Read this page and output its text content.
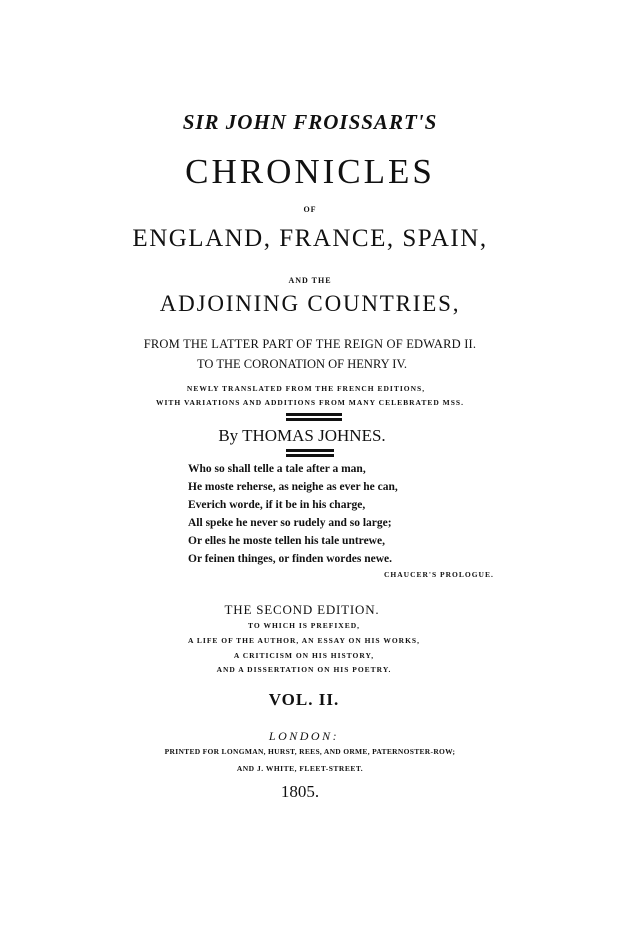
SIR JOHN FROISSART'S
CHRONICLES
OF
ENGLAND, FRANCE, SPAIN,
AND THE
ADJOINING COUNTRIES,
FROM THE LATTER PART OF THE REIGN OF EDWARD II.
TO THE CORONATION OF HENRY IV.
NEWLY TRANSLATED FROM THE FRENCH EDITIONS,
WITH VARIATIONS AND ADDITIONS FROM MANY CELEBRATED MSS.
By THOMAS JOHNES.
Who so shall telle a tale after a man,
He moste reherse, as neighe as ever he can,
Everich worde, if it be in his charge,
All speke he never so rudely and so large;
Or elles he moste tellen his tale untrewe,
Or feinen thinges, or finden wordes newe.
CHAUCER'S PROLOGUE.
THE SECOND EDITION.
TO WHICH IS PREFIXED,
A LIFE OF THE AUTHOR, AN ESSAY ON HIS WORKS,
A CRITICISM ON HIS HISTORY,
AND A DISSERTATION ON HIS POETRY.
VOL. II.
LONDON:
PRINTED FOR LONGMAN, HURST, REES, AND ORME, PATERNOSTER-ROW;
AND J. WHITE, FLEET-STREET.
1805.
